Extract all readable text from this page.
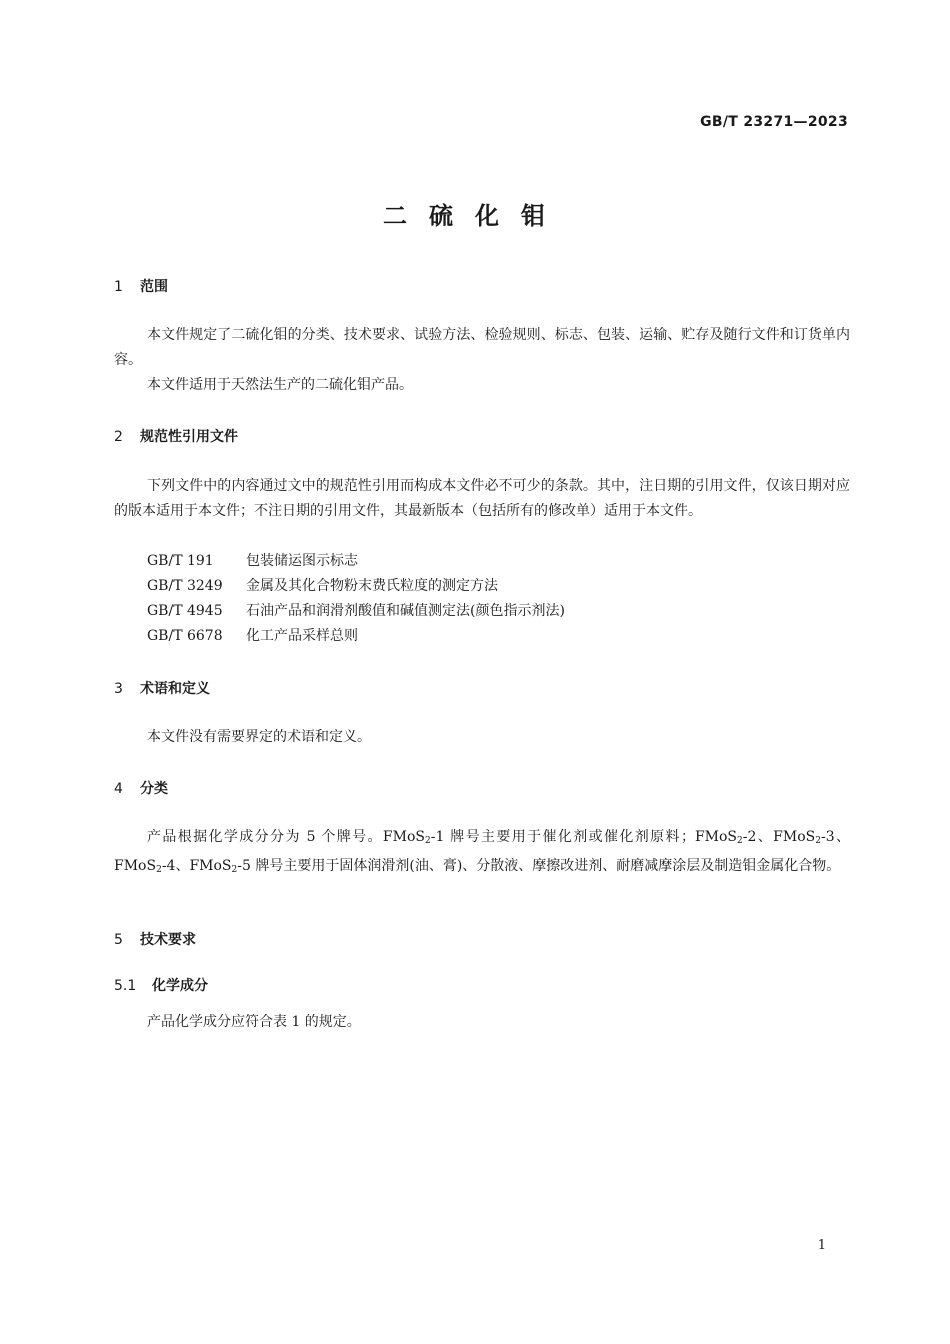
GB/T 23271—2023
二硫化钼
1 范围
本文件规定了二硫化钼的分类、技术要求、试验方法、检验规则、标志、包装、运输、贮存及随行文件和订货单内容。
本文件适用于天然法生产的二硫化钼产品。
2 规范性引用文件
下列文件中的内容通过文中的规范性引用而构成本文件必不可少的条款。其中，注日期的引用文件，仅该日期对应的版本适用于本文件；不注日期的引用文件，其最新版本（包括所有的修改单）适用于本文件。
GB/T 191 包装储运图示标志
GB/T 3249 金属及其化合物粉末费氏粒度的测定方法
GB/T 4945 石油产品和润滑剂酸值和碱值测定法(颜色指示剂法)
GB/T 6678 化工产品采样总则
3 术语和定义
本文件没有需要界定的术语和定义。
4 分类
产品根据化学成分分为 5 个牌号。FMoS$_2$-1 牌号主要用于催化剂或催化剂原料；FMoS$_2$-2、FMoS$_2$-3、FMoS$_2$-4、FMoS$_2$-5 牌号主要用于固体润滑剂(油、膏)、分散液、摩擦改进剂、耐磨减摩涂层及制造钼金属化合物。
5 技术要求
5.1 化学成分
产品化学成分应符合表 1 的规定。
1
